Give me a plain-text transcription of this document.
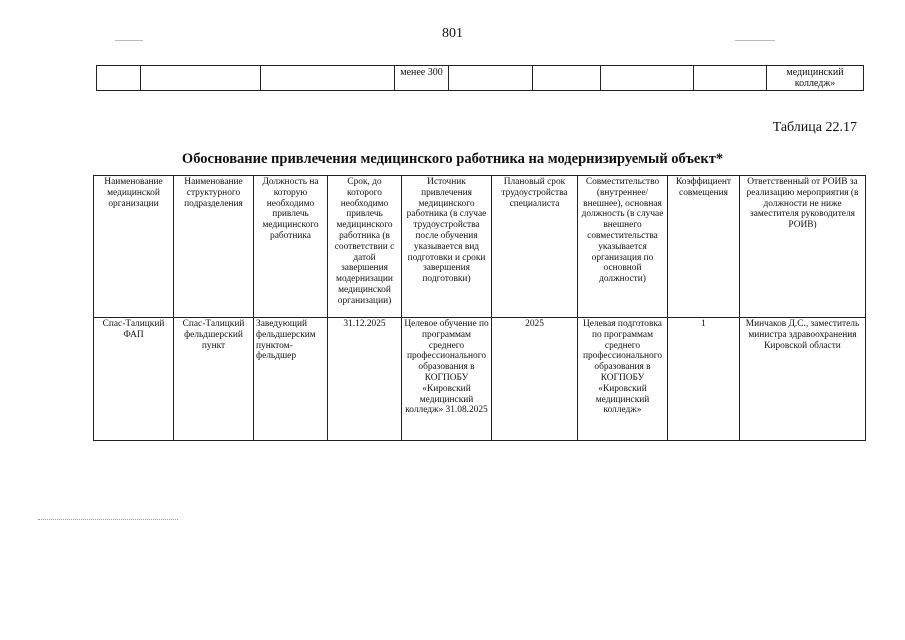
801
			менее 300					медицинский колледж»
Таблица 22.17
Обоснование привлечения медицинского работника на модернизируемый объект*
Наименование медицинской организации	Наименование структурного подразделения	Должность на которую необходимо привлечь медицинского работника	Срок, до которого необходимо привлечь медицинского работника (в соответствии с датой завершения модернизации медицинской организации)	Источник привлечения медицинского работника (в случае трудоустройства после обучения указывается вид подготовки и сроки завершения подготовки)	Плановый срок трудоустройства специалиста	Совместительство (внутреннее/внешнее), основная должность (в случае внешнего совместительства указывается организация по основной должности)	Коэффициент совмещения	Ответственный от РОИВ за реализацию мероприятия (в должности не ниже заместителя руководителя РОИВ)
Спас-Талицкий ФАП	Спас-Талицкий фельдшерский пункт	Заведующий фельдшерским пунктом-фельдшер	31.12.2025	Целевое обучение по программам среднего профессионального образования в КОГПОБУ «Кировский медицинский колледж» 31.08.2025	2025	Целевая подготовка по программам среднего профессионального образования в КОГПОБУ «Кировский медицинский колледж»	1	Минчаков Д.С., заместитель министра здравоохранения Кировской области
